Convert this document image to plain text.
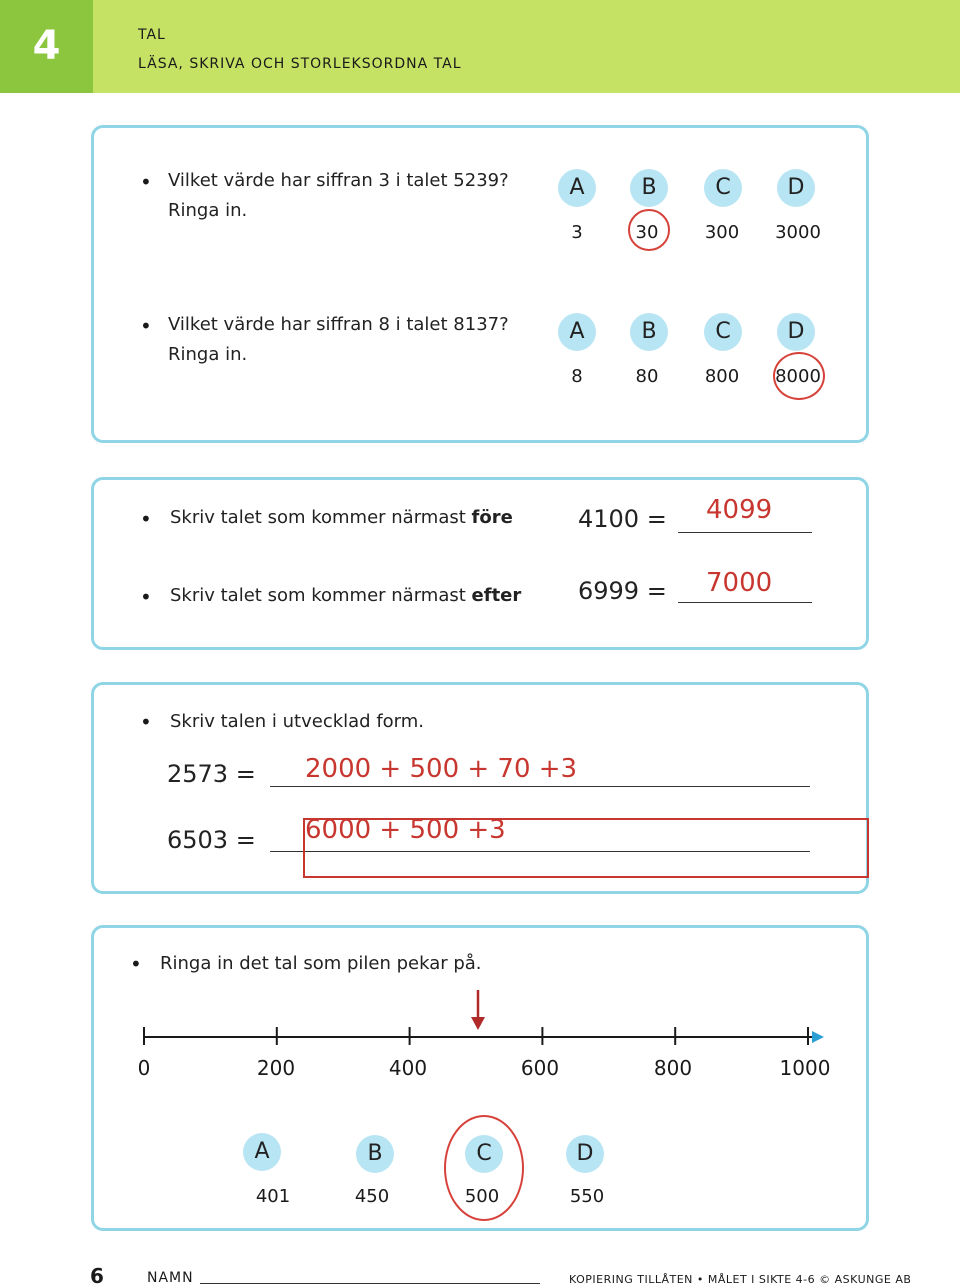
4	TAL
LÄSA, SKRIVA OCH STORLEKSORDNA TAL
• Vilket värde har siffran 3 i talet 5239?
Ringa in.
A	B	C	D
3	30	300	3000
• Vilket värde har siffran 8 i talet 8137?
Ringa in.
A	B	C	D
8	80	800	8000
• Skriv talet som kommer närmast före	4100 = 4099
• Skriv talet som kommer närmast efter 6999 = 7000
• Skriv talen i utvecklad form.
2573 = 2000 + 500 + 70 +3
6503 = 6000 + 500 +3
• Ringa in det tal som pilen pekar på.
0	200	400	600	800	1000
A	B	C	D
401	450	500	550
6	NAMN	KOPIERING TILLÅTEN • MÅLET I SIKTE 4-6 © ASKUNGE AB
